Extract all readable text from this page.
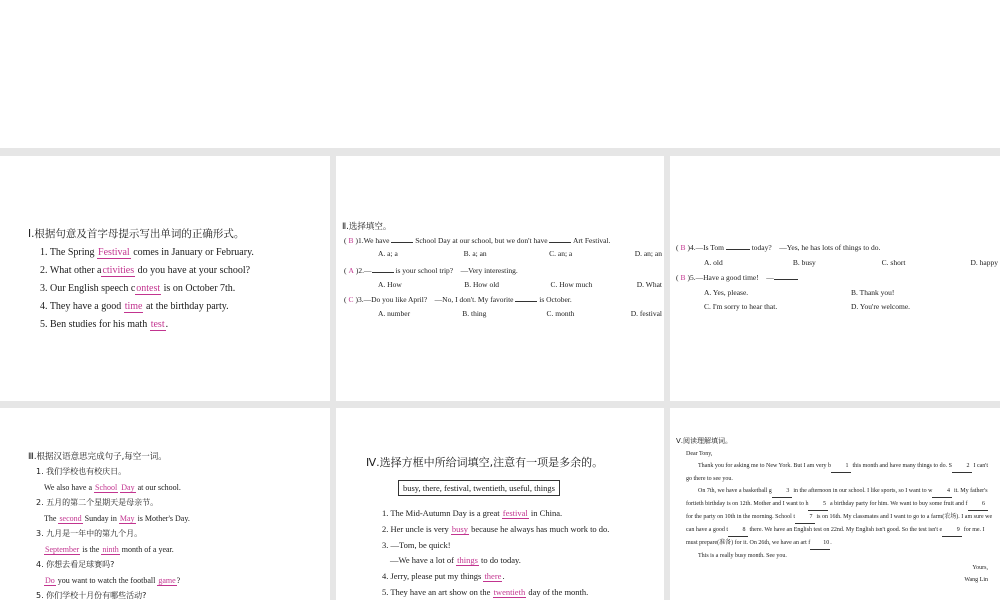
Ⅰ.根据句意及首字母提示写出单词的正确形式。
1. The Spring Festival comes in January or February.
2. What other activities do you have at your school?
3. Our English speech contest is on October 7th.
4. They have a good time at the birthday party.
5. Ben studies for his math test.
Ⅱ.选择填空。
( B )1.We have	School Day at our school, but we don't have	Art Festival.
A. a; a	B. a; an	C. an; a	D. an; an
( A )2.—	is your school trip?　—Very interesting.
A. How	B. How old	C. How much	D. What
( C )3.—Do you like April?　—No, I don't. My favorite	is October.
A. number	B. thing	C. month	D. festival
( B )4.—Is Tom	today?　—Yes, he has lots of things to do.
A. old	B. busy	C. short	D. happy
( B )5.—Have a good time!　—
A. Yes, please.	B. Thank you!
C. I'm sorry to hear that.	D. You're welcome.
Ⅲ.根据汉语意思完成句子,每空一词。
1. 我们学校也有校庆日。
We also have a School Day at our school.
2. 五月的第二个星期天是母亲节。
The second Sunday in May is Mother's Day.
3. 九月是一年中的第九个月。
September is the ninth month of a year.
4. 你想去看足球赛吗?
Do you want to watch the football game?
5. 你们学校十月份有哪些活动?
Ⅳ.选择方框中所给词填空,注意有一项是多余的。
busy, there, festival, twentieth, useful, things
1. The Mid-Autumn Day is a great festival in China.
2. Her uncle is very busy because he always has much work to do.
3. —Tom, be quick!
—We have a lot of things to do today.
4. Jerry, please put my things there.
5. They have an art show on the twentieth day of the month.
Ⅴ.阅读理解填词。

Dear Tony,

Thank you for asking me to New York. But I am very b 1 this month and have many things to do. S 2 I can't go there to see you.

On 7th, we have a basketball g 3 in the afternoon in our school. I like sports, so I want to w 4 it. My father's fortieth birthday is on 12th. Mother and I want to h 5 a birthday party for him. We want to buy some fruit and f 6 for the party on 10th in the morning. School t 7 is on 16th. My classmates and I want to go to a farm(农场). I am sure we can have a good t 8 there. We have an English test on 22nd. My English isn't good. So the test isn't e 9 for me. I must prepare(准备) for it. On 26th, we have an art f 10.

This is a really busy month. See you.

Yours,

Wang Lin
